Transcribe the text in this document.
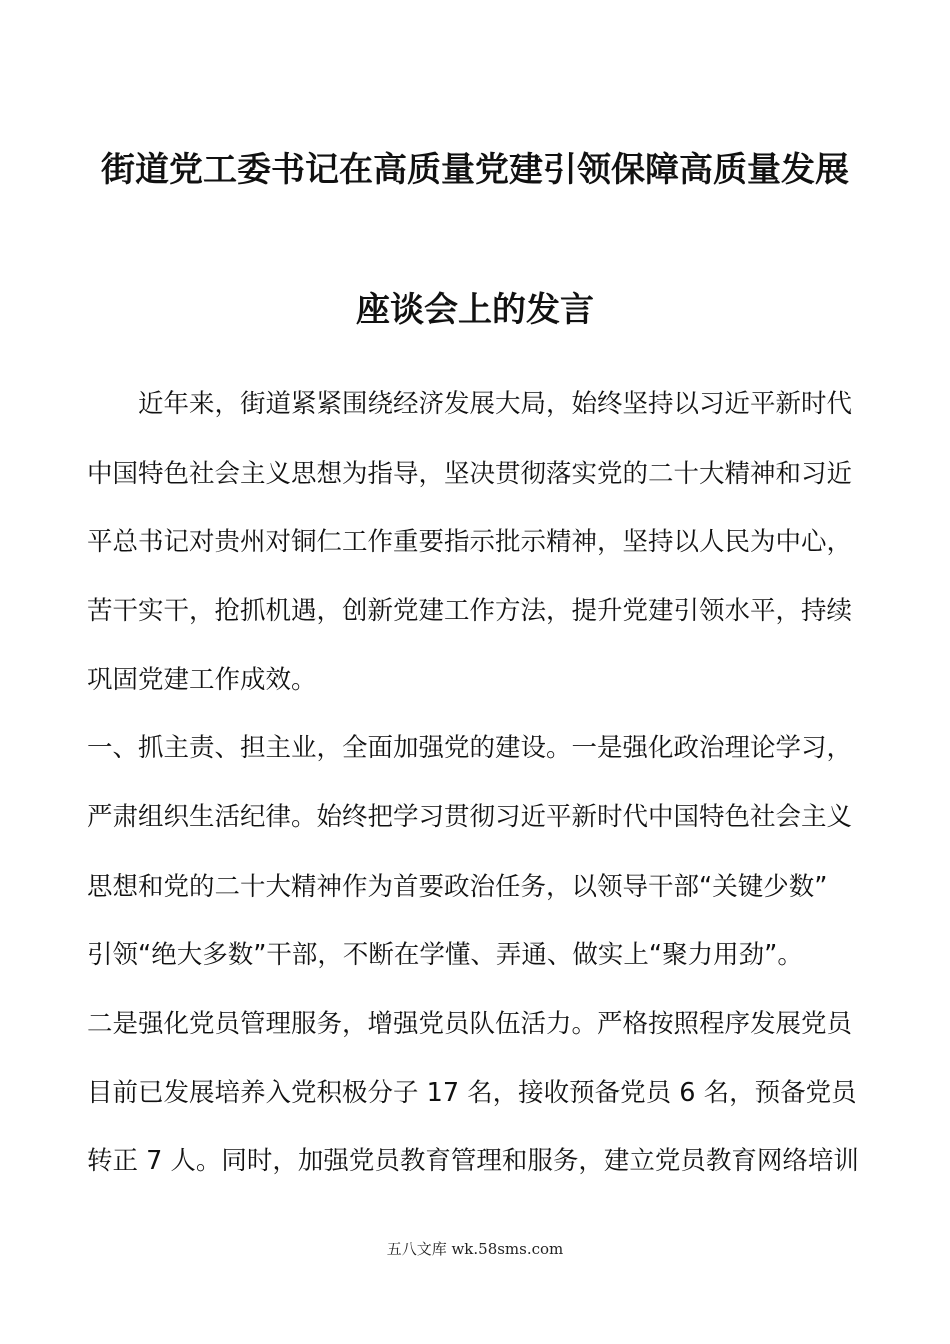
街道党工委书记在高质量党建引领保障高质量发展
座谈会上的发言
　　近年来，街道紧紧围绕经济发展大局，始终坚持以习近平新时代
中国特色社会主义思想为指导，坚决贯彻落实党的二十大精神和习近
平总书记对贵州对铜仁工作重要指示批示精神，坚持以人民为中心，
苦干实干，抢抓机遇，创新党建工作方法，提升党建引领水平，持续
巩固党建工作成效。
一、抓主责、担主业，全面加强党的建设。一是强化政治理论学习，
严肃组织生活纪律。始终把学习贯彻习近平新时代中国特色社会主义
思想和党的二十大精神作为首要政治任务，以领导干部“关键少数”
引领“绝大多数”干部，不断在学懂、弄通、做实上“聚力用劲”。
二是强化党员管理服务，增强党员队伍活力。严格按照程序发展党员
目前已发展培养入党积极分子 17 名，接收预备党员 6 名，预备党员
转正 7 人。同时，加强党员教育管理和服务，建立党员教育网络培训
五八文库 wk.58sms.com
